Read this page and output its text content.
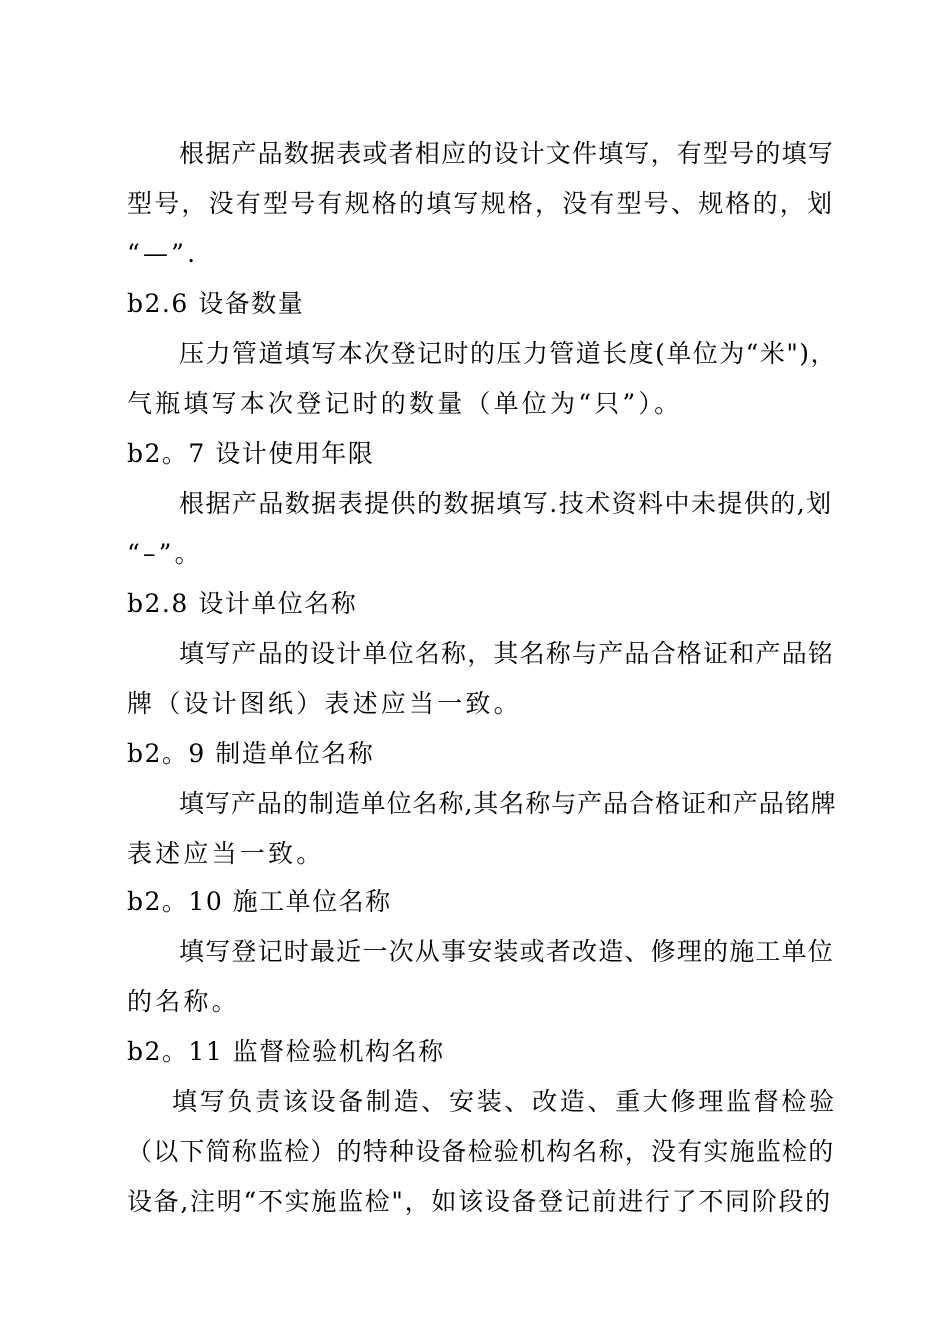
根据产品数据表或者相应的设计文件填写，有型号的填写
型号，没有型号有规格的填写规格，没有型号、规格的，划
“—”.
b2.6 设备数量
压力管道填写本次登记时的压力管道长度(单位为“米")，
气瓶填写本次登记时的数量（单位为“只”）。
b2。7 设计使用年限
根据产品数据表提供的数据填写.技术资料中未提供的,划
“–”。
b2.8 设计单位名称
填写产品的设计单位名称，其名称与产品合格证和产品铭
牌（设计图纸）表述应当一致。
b2。9 制造单位名称
填写产品的制造单位名称,其名称与产品合格证和产品铭牌
表述应当一致。
b2。10 施工单位名称
填写登记时最近一次从事安装或者改造、修理的施工单位
的名称。
b2。11 监督检验机构名称
填写负责该设备制造、安装、改造、重大修理监督检验
（以下简称监检）的特种设备检验机构名称，没有实施监检的
设备,注明“不实施监检"，如该设备登记前进行了不同阶段的
